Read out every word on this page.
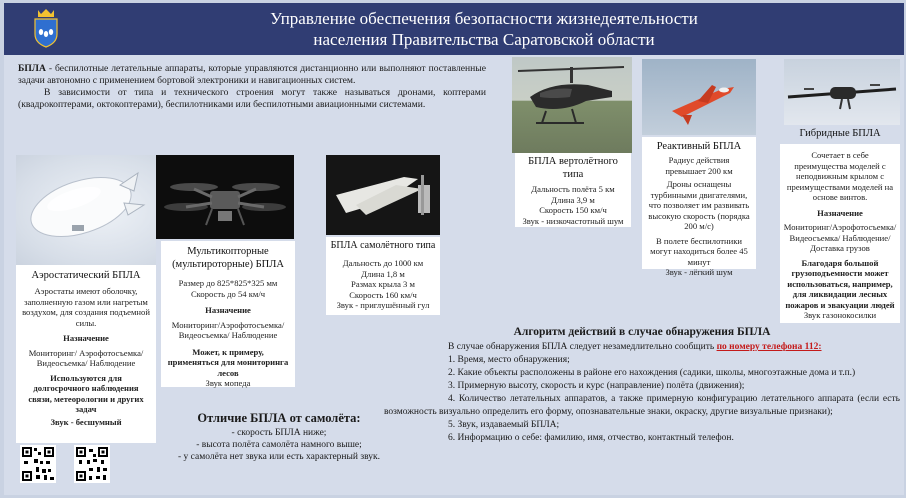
Управление обеспечения безопасности жизнедеятельности
населения Правительства Саратовской области

БПЛА - беспилотные летательные аппараты, которые управляются дистанционно или выполняют поставленные задачи автономно с применением бортовой электроники и навигационных систем.

В зависимости от типа и технического строения могут также называться дронами, коптерами (квадрокоптерами, октокоптерами), беспилотниками или беспилотными авиационными системами.

Аэростатический БПЛА
Аэростаты имеют оболочку, заполненную газом или нагретым воздухом, для создания подъемной силы.
Назначение
Мониторинг/ Аэрофотосъемка/ Видеосъемка/ Наблюдение
Используются для долгосрочного наблюдения связи, метеорологии и других задач
Звук - бесшумный
Мультикопторные (мультироторные) БПЛА
Размер до 825*825*325 мм
Скорость до 54 км/ч
Назначение
Мониторинг/Аэрофотосъемка/ Видеосъемка/ Наблюдение
Может, к примеру, применяться для мониторинга лесов
Звук мопеда
БПЛА самолётного типа
Дальность до 1000 км
Длина 1,8 м
Размах крыла 3 м
Скорость 160 км/ч
Звук - приглушённый гул
БПЛА вертолётного типа
Дальность полёта 5 км
Длина 3,9 м
Скорость 150 км/ч
Звук - низкочастотный шум
Реактивный БПЛА
Радиус действия превышает 200 км
Дроны оснащены турбинными двигателями, что позволяет им развивать высокую скорость (порядка 200 м/с)
В полете беспилотники могут находиться более 45 минут
Звук - лёгкий шум
Гибридные БПЛА
Сочетает в себе преимущества моделей с неподвижным крылом с преимуществами моделей на основе винтов.
Назначение
Мониторинг/Аэрофотосъемка/ Видеосъемка/ Наблюдение/ Доставка грузов
Благодаря большой грузоподъемности может использоваться, например, для ликвидации лесных пожаров и эвакуации людей
Звук газонокосилки
Алгоритм действий в случае обнаружения БПЛА
В случае обнаружения БПЛА следует незамедлительно сообщить по номеру телефона 112:
1. Время, место обнаружения;
2. Какие объекты расположены в районе его нахождения (садики, школы, многоэтажные дома и т.п.)
3. Примерную высоту, скорость и курс (направление) полёта (движения);
4. Количество летательных аппаратов, а также примерную конфигурацию летательного аппарата (если есть возможность визуально определить его форму, опознавательные знаки, окраску, другие визуальные признаки);
5. Звук, издаваемый БПЛА;
6. Информацию о себе: фамилию, имя, отчество, контактный телефон.
Отличие БПЛА от самолёта:
- скорость БПЛА ниже;
- высота полёта самолёта намного выше;
- у самолёта нет звука или есть характерный звук.
